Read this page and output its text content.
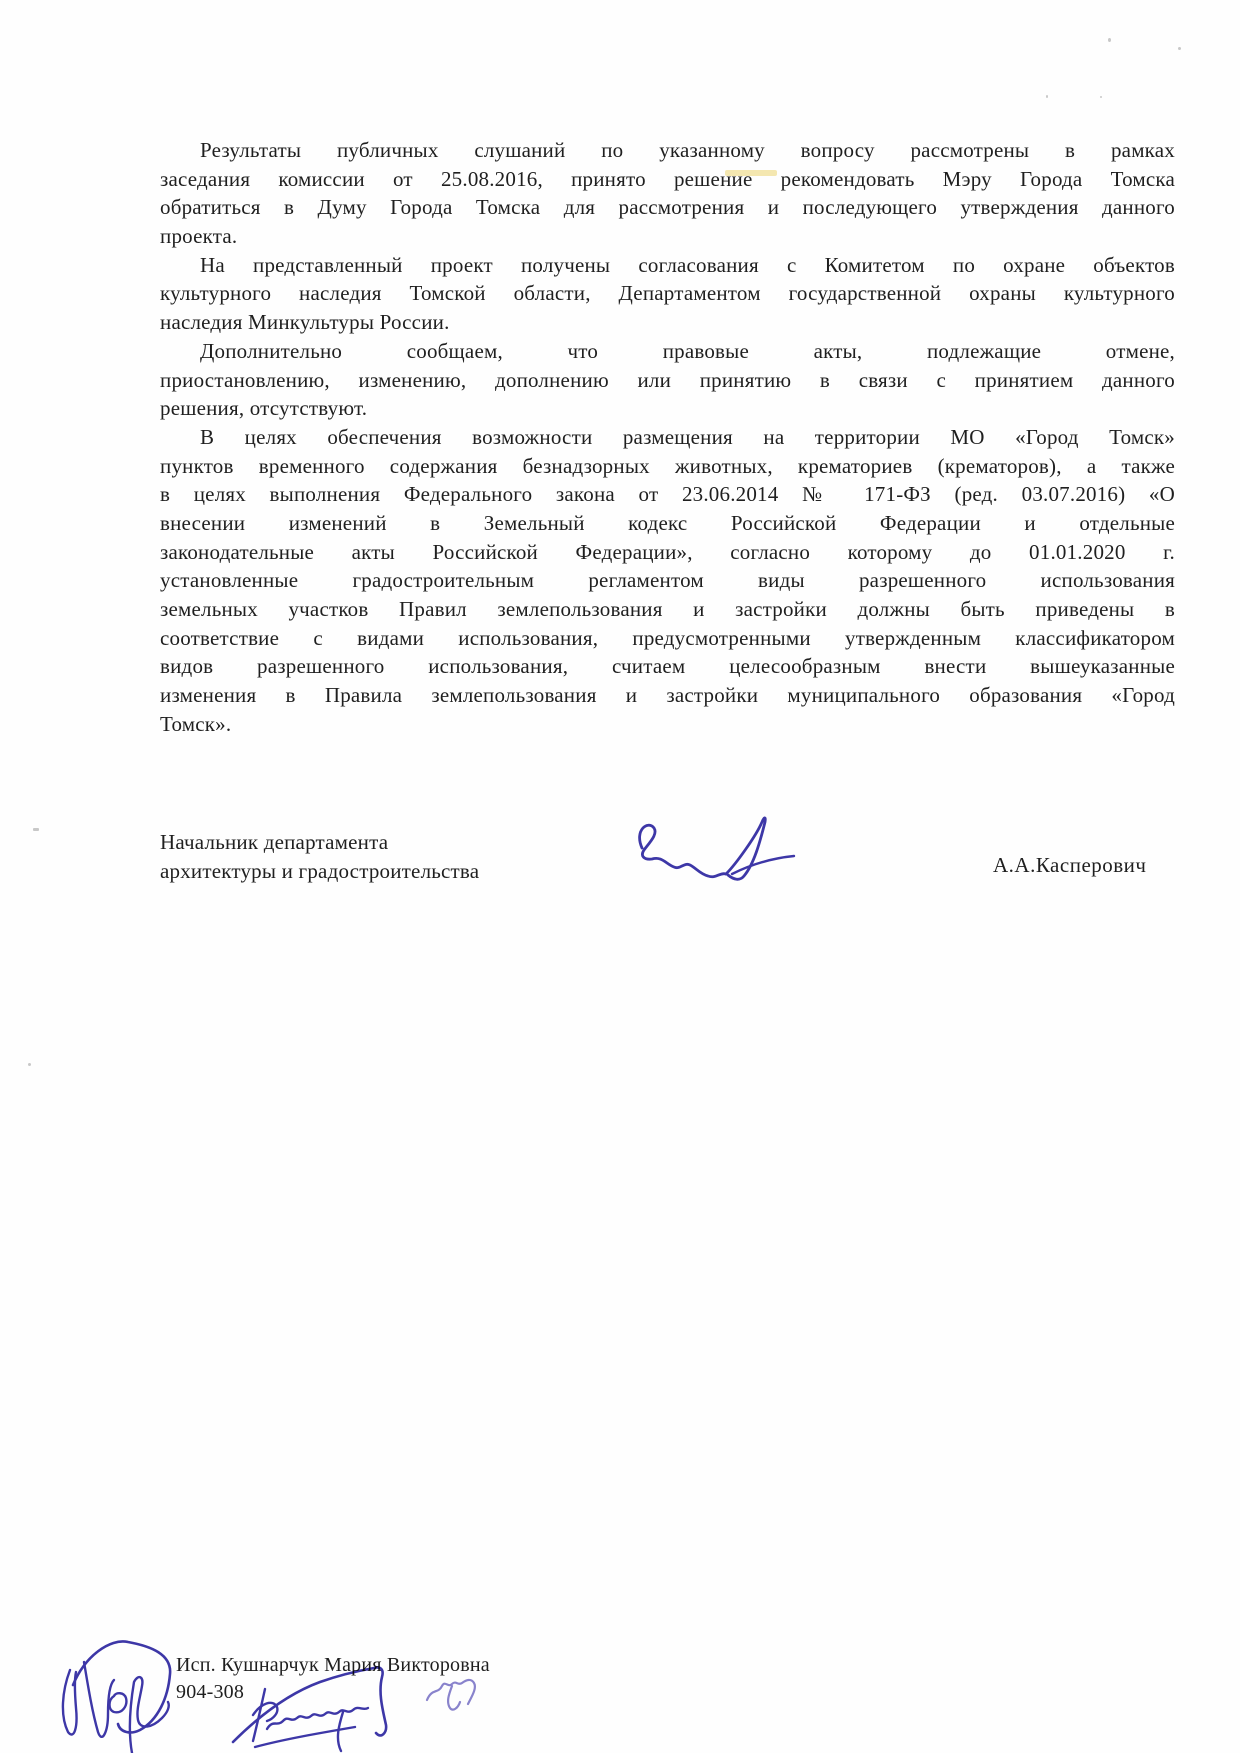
Результаты публичных слушаний по указанному вопросу рассмотрены в рамках
заседания комиссии от 25.08.2016, принято решение рекомендовать Мэру Города Томска
обратиться в Думу Города Томска для рассмотрения и последующего утверждения данного
проекта.
На представленный проект получены согласования с Комитетом по охране объектов
культурного наследия Томской области, Департаментом государственной охраны культурного
наследия Минкультуры России.
Дополнительно сообщаем, что правовые акты, подлежащие отмене,
приостановлению, изменению, дополнению или принятию в связи с принятием данного
решения, отсутствуют.
В целях обеспечения возможности размещения на территории МО «Город Томск»
пунктов временного содержания безнадзорных животных, крематориев (крематоров), а также
в целях выполнения Федерального закона от 23.06.2014 № 171-ФЗ (ред. 03.07.2016) «О
внесении изменений в Земельный кодекс Российской Федерации и отдельные
законодательные акты Российской Федерации», согласно которому до 01.01.2020 г.
установленные градостроительным регламентом виды разрешенного использования
земельных участков Правил землепользования и застройки должны быть приведены в
соответствие с видами использования, предусмотренными утвержденным классификатором
видов разрешенного использования, считаем целесообразным внести вышеуказанные
изменения в Правила землепользования и застройки муниципального образования «Город
Томск».
Начальник департамента
архитектуры и градостроительства	А.А.Касперович
Исп. Кушнарчук Мария Викторовна
904-308
